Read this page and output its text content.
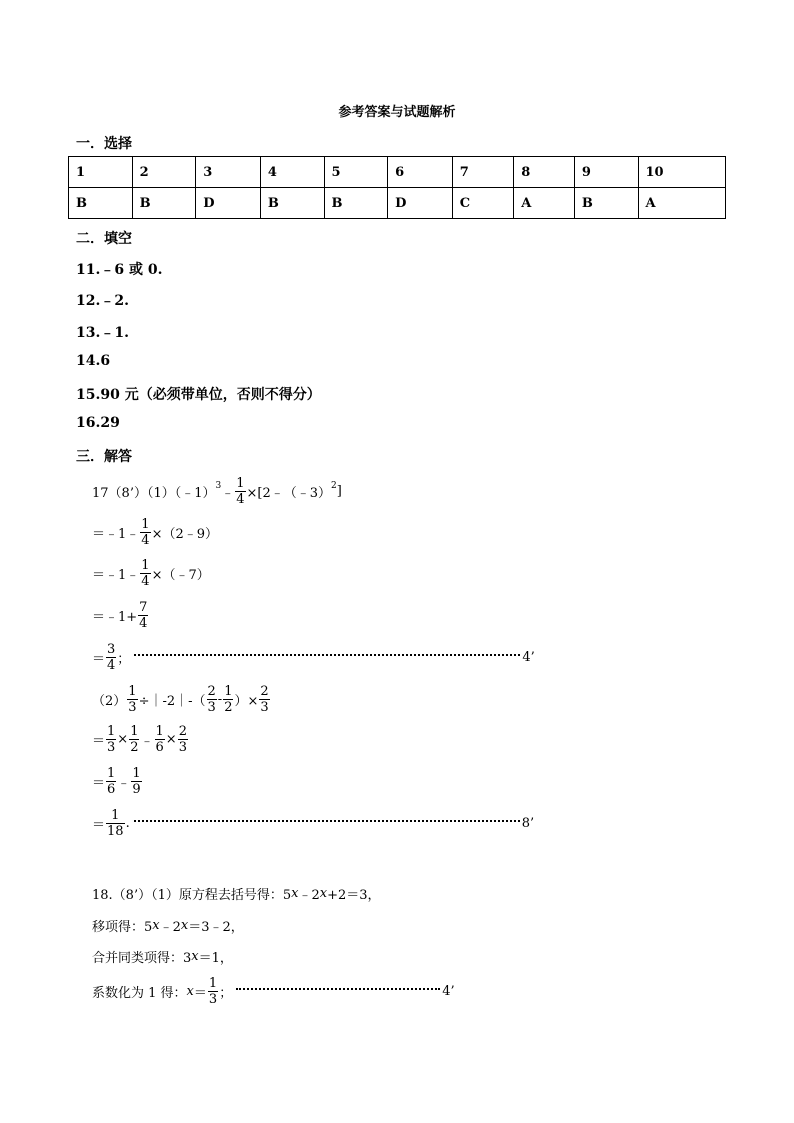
参考答案与试题解析
一．选择
1	2	3	4	5	6	7	8	9	10
B	B	D	B	B	D	C	A	B	A
二．填空
11.﹣6 或 0.
12.﹣2.
13.﹣1.
14.6
15.90 元（必须带单位，否则不得分）
16.29
三．解答
17（8’）（1）（﹣1）
3
﹣ $\frac{1}{4}$ ×[2﹣（﹣3）
2 ]
＝﹣1﹣ $\frac{1}{4}$ ×（2﹣9）
＝﹣1﹣ $\frac{1}{4}$ ×（﹣7）
＝﹣1+ $\frac{7}{4}$
＝ $\frac{3}{4}$ ；	4’
$(2) \frac{1}{3}$ ÷｜-2｜-（ $\frac{2}{3} - \frac{1}{2}$ ）× $\frac{2}{3}$
＝ $\frac{1}{3} \times \frac{1}{2}$ ﹣ $\frac{1}{6} \times \frac{2}{3}$
＝ $\frac{1}{6}$ ﹣ $\frac{1}{9}$
＝ $\frac{1}{18}$ .	8’
18.（8’）（1）原方程去括号得：5 x ﹣2 x +2＝3，
移项得：5 x ﹣2 x ＝3﹣2，
合并同类项得：3 x ＝1，
系数化为 1 得： $x = \frac{1}{3}$ ；	4’
